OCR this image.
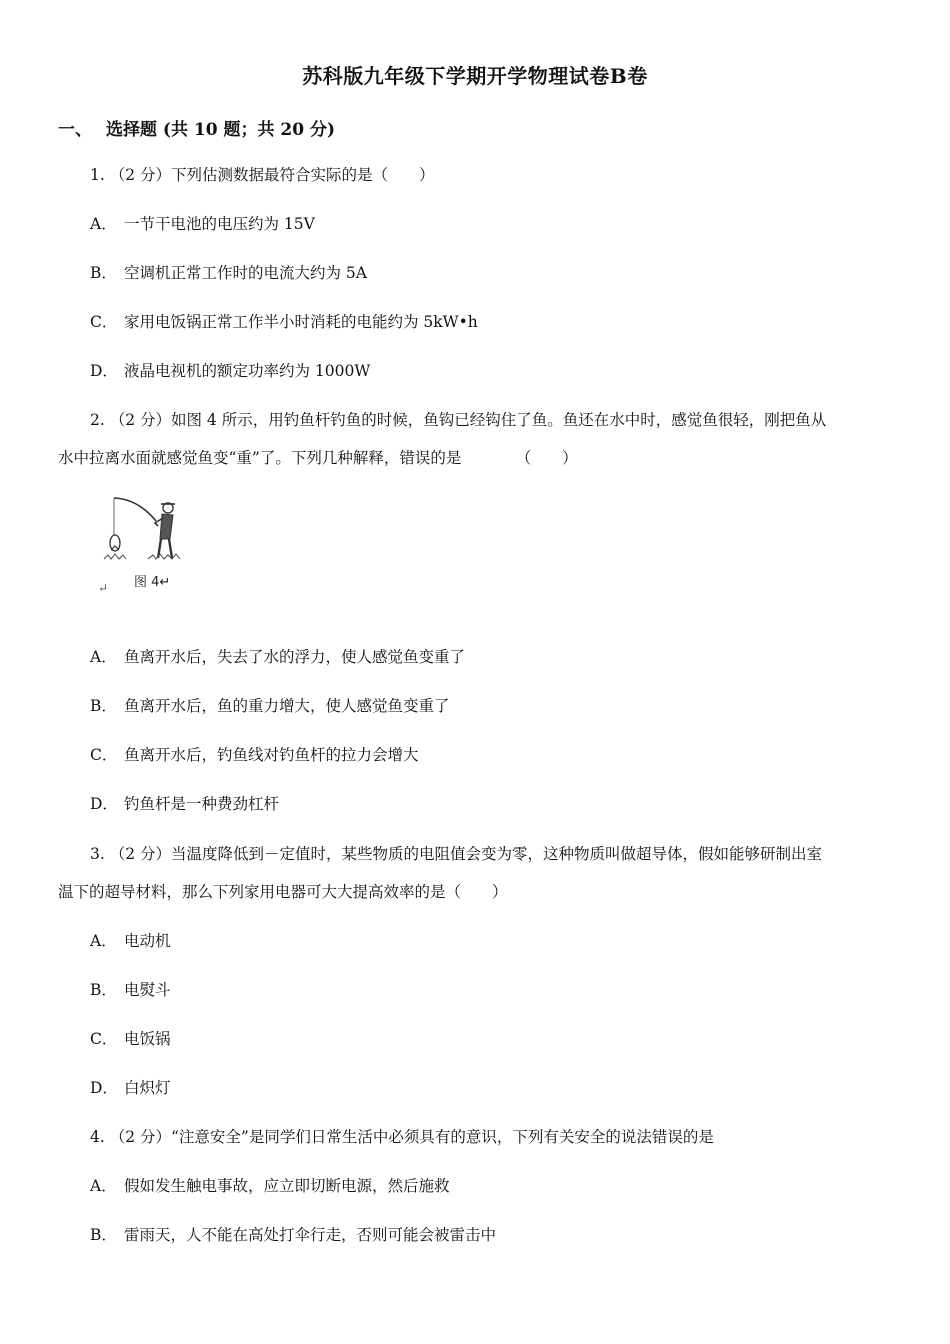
苏科版九年级下学期开学物理试卷B卷
一、 选择题 (共 10 题；共 20 分)
1. （2 分）下列估测数据最符合实际的是（　　）
A． 一节干电池的电压约为 15V
B． 空调机正常工作时的电流大约为 5A
C． 家用电饭锅正常工作半小时消耗的电能约为 5kW•h
D． 液晶电视机的额定功率约为 1000W
2. （2 分）如图 4 所示，用钓鱼杆钓鱼的时候，鱼钩已经钩住了鱼。鱼还在水中时，感觉鱼很轻，刚把鱼从
水中拉离水面就感觉鱼变“重”了。下列几种解释，错误的是　　　　（　　）
图 4↵
↵
A． 鱼离开水后，失去了水的浮力，使人感觉鱼变重了
B． 鱼离开水后，鱼的重力增大，使人感觉鱼变重了
C． 鱼离开水后，钓鱼线对钓鱼杆的拉力会增大
D． 钓鱼杆是一种费劲杠杆
3. （2 分）当温度降低到－定值时，某些物质的电阻值会变为零，这种物质叫做超导体，假如能够研制出室
温下的超导材料，那么下列家用电器可大大提高效率的是（　　）
A． 电动机
B． 电熨斗
C． 电饭锅
D． 白炽灯
4. （2 分）“注意安全”是同学们日常生活中必须具有的意识，下列有关安全的说法错误的是
A． 假如发生触电事故，应立即切断电源，然后施救
B． 雷雨天，人不能在高处打伞行走，否则可能会被雷击中
